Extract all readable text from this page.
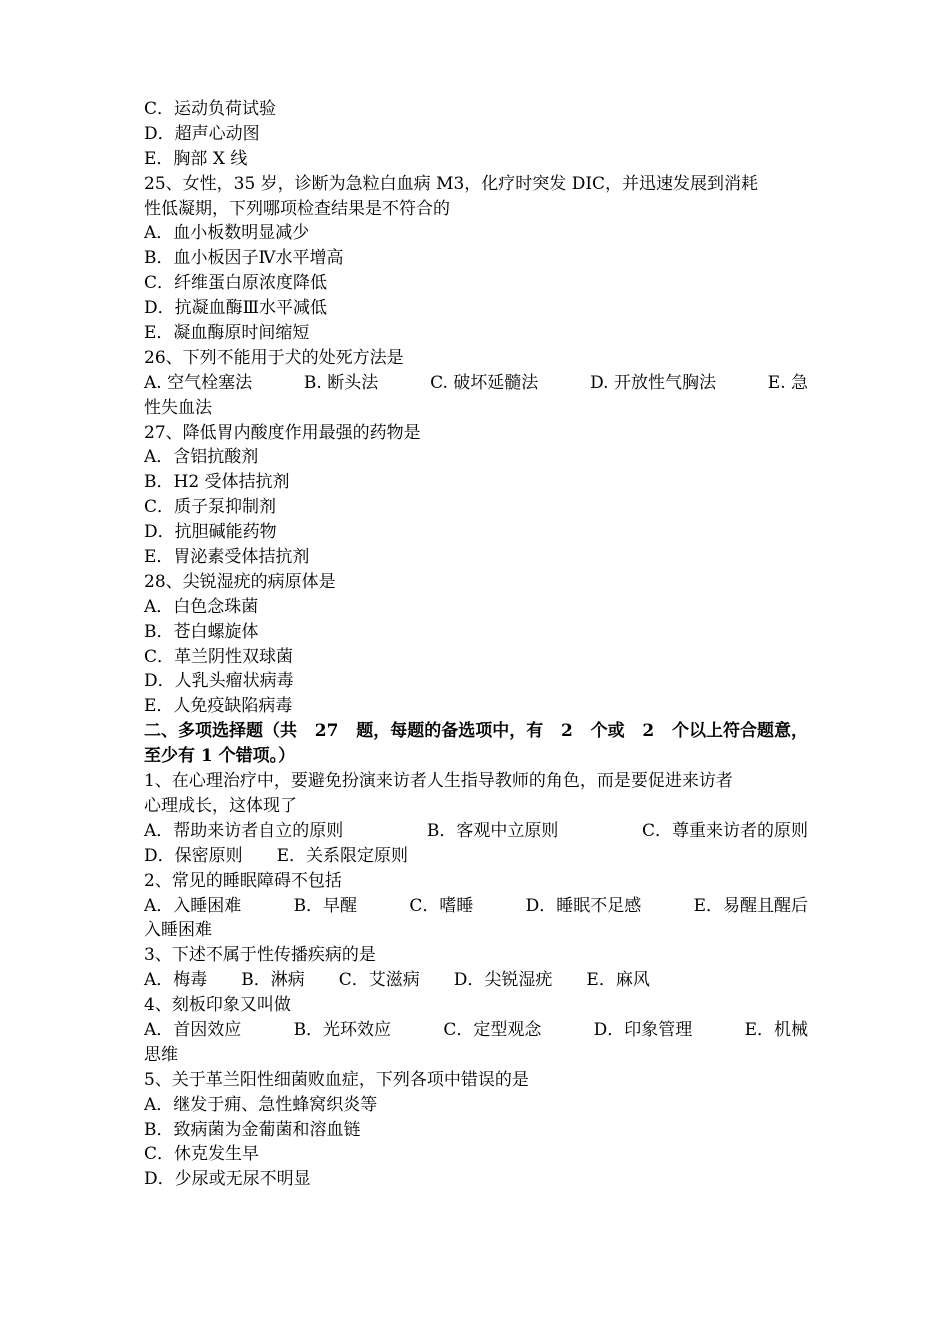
C．运动负荷试验
D．超声心动图
E．胸部 X 线
25、女性，35 岁，诊断为急粒白血病 M3，化疗时突发 DIC，并迅速发展到消耗
性低凝期，下列哪项检查结果是不符合的
A．血小板数明显减少
B．血小板因子Ⅳ水平增高
C．纤维蛋白原浓度降低
D．抗凝血酶Ⅲ水平减低
E．凝血酶原时间缩短
26、下列不能用于犬的处死方法是
A. 空气栓塞法	B. 断头法	C. 破坏延髓法	D. 开放性气胸法	E. 急
性失血法
27、降低胃内酸度作用最强的药物是
A．含铝抗酸剂
B．H2 受体拮抗剂
C．质子泵抑制剂
D．抗胆碱能药物
E．胃泌素受体拮抗剂
28、尖锐湿疣的病原体是
A．白色念珠菌
B．苍白螺旋体
C．革兰阴性双球菌
D．人乳头瘤状病毒
E．人免疫缺陷病毒
二、多项选择题（共 27 题，每题的备选项中，有 2 个或 2 个以上符合题意，
至少有 1 个错项。）
1、在心理治疗中，要避免扮演来访者人生指导教师的角色，而是要促进来访者
心理成长，这体现了
A．帮助来访者自立的原则	B．客观中立原则	C．尊重来访者的原则
D．保密原则　　E．关系限定原则
2、常见的睡眠障碍不包括
A．入睡困难	B．早醒	C．嗜睡	D．睡眠不足感	E．易醒且醒后
入睡困难
3、下述不属于性传播疾病的是
A．梅毒　　B．淋病　　C．艾滋病　　D．尖锐湿疣　　E．麻风
4、刻板印象又叫做
A．首因效应	B．光环效应	C．定型观念	D．印象管理	E．机械
思维
5、关于革兰阳性细菌败血症，下列各项中错误的是
A．继发于痈、急性蜂窝织炎等
B．致病菌为金葡菌和溶血链
C．休克发生早
D．少尿或无尿不明显
